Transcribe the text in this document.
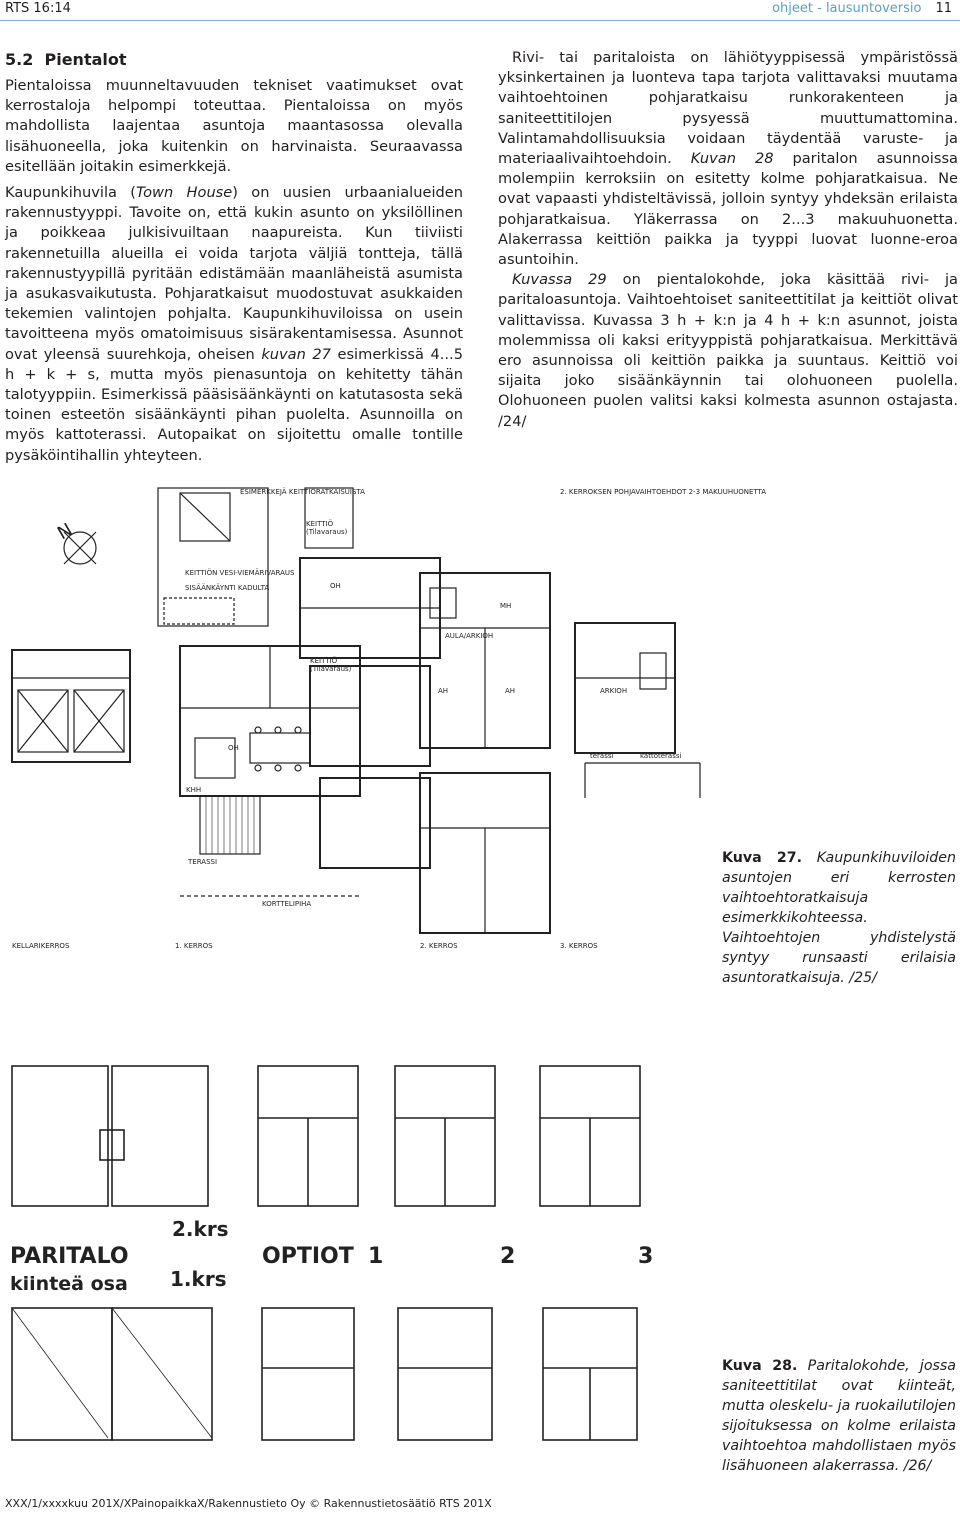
RTS 16:14	ohjeet - lausuntoversio 11
5.2 Pientalot

Pientaloissa muunneltavuuden tekniset vaatimukset ovat kerrostaloja helpompi toteuttaa. Pientaloissa on myös mahdollista laajentaa asuntoja maantasossa olevalla lisähuoneella, joka kuitenkin on harvinaista. Seuraavassa esitellään joitakin esimerkkejä.

Kaupunkihuvila (Town House) on uusien urbaanialueiden rakennustyyppi. Tavoite on, että kukin asunto on yksilöllinen ja poikkeaa julkisivuiltaan naapureista. Kun tiiviisti rakennetuilla alueilla ei voida tarjota väljiä tontteja, tällä rakennustyypillä pyritään edistämään maanläheistä asumista ja asukasvaikutusta. Pohjaratkaisut muodostuvat asukkaiden tekemien valintojen pohjalta. Kaupunkihuviloissa on usein tavoitteena myös omatoimisuus sisärakentamisessa. Asunnot ovat yleensä suurehkoja, oheisen kuvan 27 esimerkissä 4...5 h + k + s, mutta myös pienasuntoja on kehitetty tähän talotyyppiin. Esimerkissä pääsisäänkäynti on katutasosta sekä toinen esteetön sisäänkäynti pihan puolelta. Asunnoilla on myös kattoterassi. Autopaikat on sijoitettu omalle tontille pysäköintihallin yhteyteen.

Rivi- tai paritaloista on lähiötyyppisessä ympäristössä yksinkertainen ja luonteva tapa tarjota valittavaksi muutama vaihtoehtoinen pohjaratkaisu runkorakenteen ja saniteettitilojen pysyessä muuttumattomina. Valintamahdollisuuksia voidaan täydentää varuste- ja materiaalivaihtoehdoin. Kuvan 28 paritalon asunnoissa molempiin kerroksiin on esitetty kolme pohjaratkaisua. Ne ovat vapaasti yhdisteltävissä, jolloin syntyy yhdeksän erilaista pohjaratkaisua. Yläkerrassa on 2...3 makuuhuonetta. Alakerrassa keittiön paikka ja tyyppi luovat luonne-eroa asuntoihin.

Kuvassa 29 on pientalokohde, joka käsittää rivi- ja paritaloasuntoja. Vaihtoehtoiset saniteettitilat ja keittiöt olivat valittavissa. Kuvassa 3 h + k:n ja 4 h + k:n asunnot, joista molemmissa oli kaksi erityyppistä pohjaratkaisua. Merkittävä ero asunnoissa oli keittiön paikka ja suuntaus. Keittiö voi sijaita joko sisäänkäynnin tai olohuoneen puolella. Olohuoneen puolen valitsi kaksi kolmesta asunnon ostajasta. /24/

N
ESIMERKKEJÄ KEITTIÖRATKAISUISTA	2. KERROKSEN POHJAVAIHTOEHDOT 2-3 MAKUUHUONETTA
KEITTIÖ
(Tilavaraus)
KEITTIÖN VESI-VIEMÄRIVARAUS
SISÄÄNKÄYNTI KADULTA
KEITTIÖ
(Tilavaraus)
OH
KHH
TERASSI
KORTTELIPIHA
OH
AULA/ARKIOH
AH	AH
MH
ARKIOH
terassi	kattoterassi
KELLARIKERROS	1. KERROS	2. KERROS	3. KERROS
Kuva 27. Kaupunkihuviloiden asuntojen eri kerrosten vaihtoehtoratkaisuja esimerkkikohteessa. Vaihtoehtojen yhdistelystä syntyy runsaasti erilaisia asuntoratkaisuja. /25/
2.krs
PARITALO
kiinteä osa 1.krs
OPTIOT 1	2	3
Kuva 28. Paritalokohde, jossa saniteettitilat ovat kiinteät, mutta oleskelu- ja ruokailutilojen sijoituksessa on kolme erilaista vaihtoehtoa mahdollistaen myös lisähuoneen alakerrassa. /26/
XXX/1/xxxxkuu 201X/XPainopaikkaX/Rakennustieto Oy © Rakennustietosäätiö RTS 201X
